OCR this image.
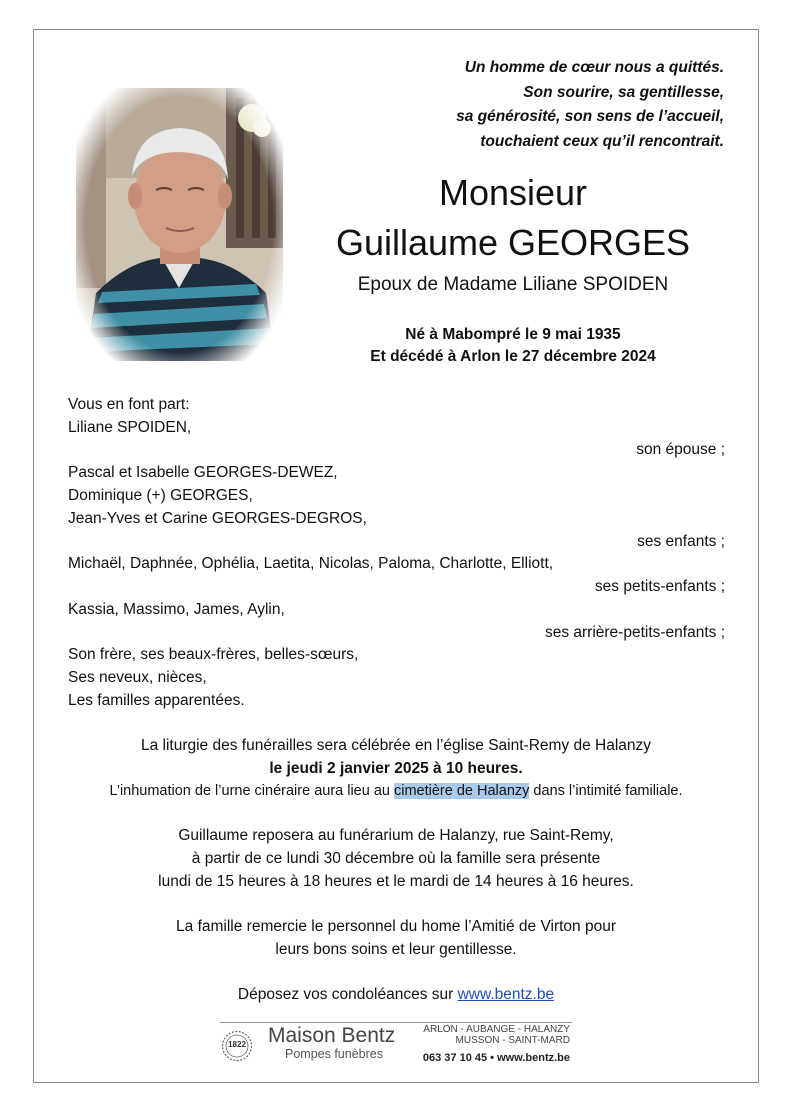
Un homme de cœur nous a quittés.
Son sourire, sa gentillesse,
sa générosité, son sens de l’accueil,
touchaient ceux qu’il rencontrait.
Monsieur
Guillaume GEORGES
Epoux de Madame Liliane SPOIDEN
Né à Mabompré le 9 mai 1935
Et décédé à Arlon le 27 décembre 2024
Vous en font part:
Liliane SPOIDEN,
son épouse ;
Pascal et Isabelle GEORGES-DEWEZ,
Dominique (+) GEORGES,
Jean-Yves et Carine GEORGES-DEGROS,
ses enfants ;
Michaël, Daphnée, Ophélia, Laetita, Nicolas, Paloma, Charlotte, Elliott,
ses petits-enfants ;
Kassia, Massimo, James, Aylin,
ses arrière-petits-enfants ;
Son frère, ses beaux-frères, belles-sœurs,
Ses neveux, nièces,
Les familles apparentées.
La liturgie des funérailles sera célébrée en l’église Saint-Remy de Halanzy
le jeudi 2 janvier 2025 à 10 heures.
L’inhumation de l’urne cinéraire aura lieu au cimetière de Halanzy dans l’intimité familiale.
Guillaume reposera au funérarium de Halanzy, rue Saint-Remy,
à partir de ce lundi 30 décembre où la famille sera présente
lundi de 15 heures à 18 heures et le mardi de 14 heures à 16 heures.
La famille remercie le personnel du home l’Amitié de Virton pour
leurs bons soins et leur gentillesse.
Déposez vos condoléances sur www.bentz.be
1822	Maison Bentz
Pompes funèbres
ARLON - AUBANGE - HALANZY
MUSSON - SAINT-MARD
063 37 10 45 • www.bentz.be
